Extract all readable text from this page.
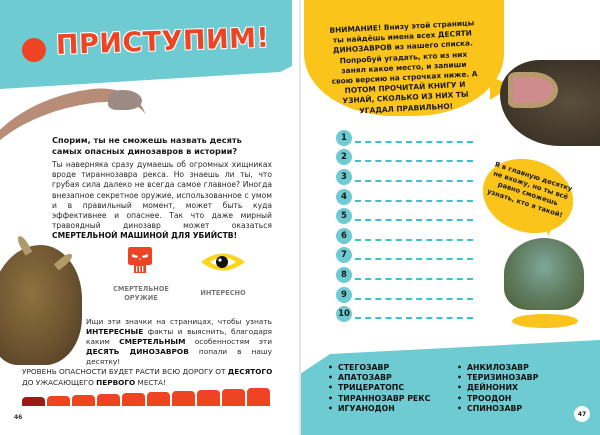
ПРИСТУПИМ!
Спорим, ты не сможешь назвать десять самых опасных динозавров в истории?
Ты наверняка сразу думаешь об огромных хищниках вроде тираннозавра рекса. Но знаешь ли ты, что грубая сила далеко не всегда самое главное? Иногда внезапное секретное оружие, использованное с умом и в правильный момент, может быть куда эффективнее и опаснее. Так что даже мирный травоядный динозавр может оказаться СМЕРТЕЛЬНОЙ МАШИНОЙ ДЛЯ УБИЙСТВ!
СМЕРТЕЛЬНОЕ ОРУЖИЕ
ИНТЕРЕСНО
Ищи эти значки на страницах, чтобы узнать ИНТЕРЕСНЫЕ факты и выяснить, благодаря каким СМЕРТЕЛЬНЫМ особенностям эти ДЕСЯТЬ ДИНОЗАВРОВ попали в нашу десятку!
УРОВЕНЬ ОПАСНОСТИ БУДЕТ РАСТИ ВСЮ ДОРОГУ ОТ ДЕСЯТОГО ДО УЖАСАЮЩЕГО ПЕРВОГО МЕСТА!
46
ВНИМАНИЕ! Внизу этой страницы ты найдёшь имена всех ДЕСЯТИ ДИНОЗАВРОВ из нашего списка. Попробуй угадать, кто из них занял какое место, и запиши свою версию на строчках ниже. А ПОТОМ ПРОЧИТАЙ КНИГУ И УЗНАЙ, СКОЛЬКО ИЗ НИХ ТЫ УГАДАЛ ПРАВИЛЬНО!
1
2
3
4
5
6
7
8
9
10
Я в главную десятку не вхожу, но ты всё равно сможешь узнать, кто я такой!
• СТЕГОЗАВР
• АПАТОЗАВР
• ТРИЦЕРАТОПС
• ТИРАННОЗАВР РЕКС
• ИГУАНОДОН
• АНКИЛОЗАВР
• ТЕРИЗИНОЗАВР
• ДЕЙНОНИХ
• ТРООДОН
• СПИНОЗАВР
47
